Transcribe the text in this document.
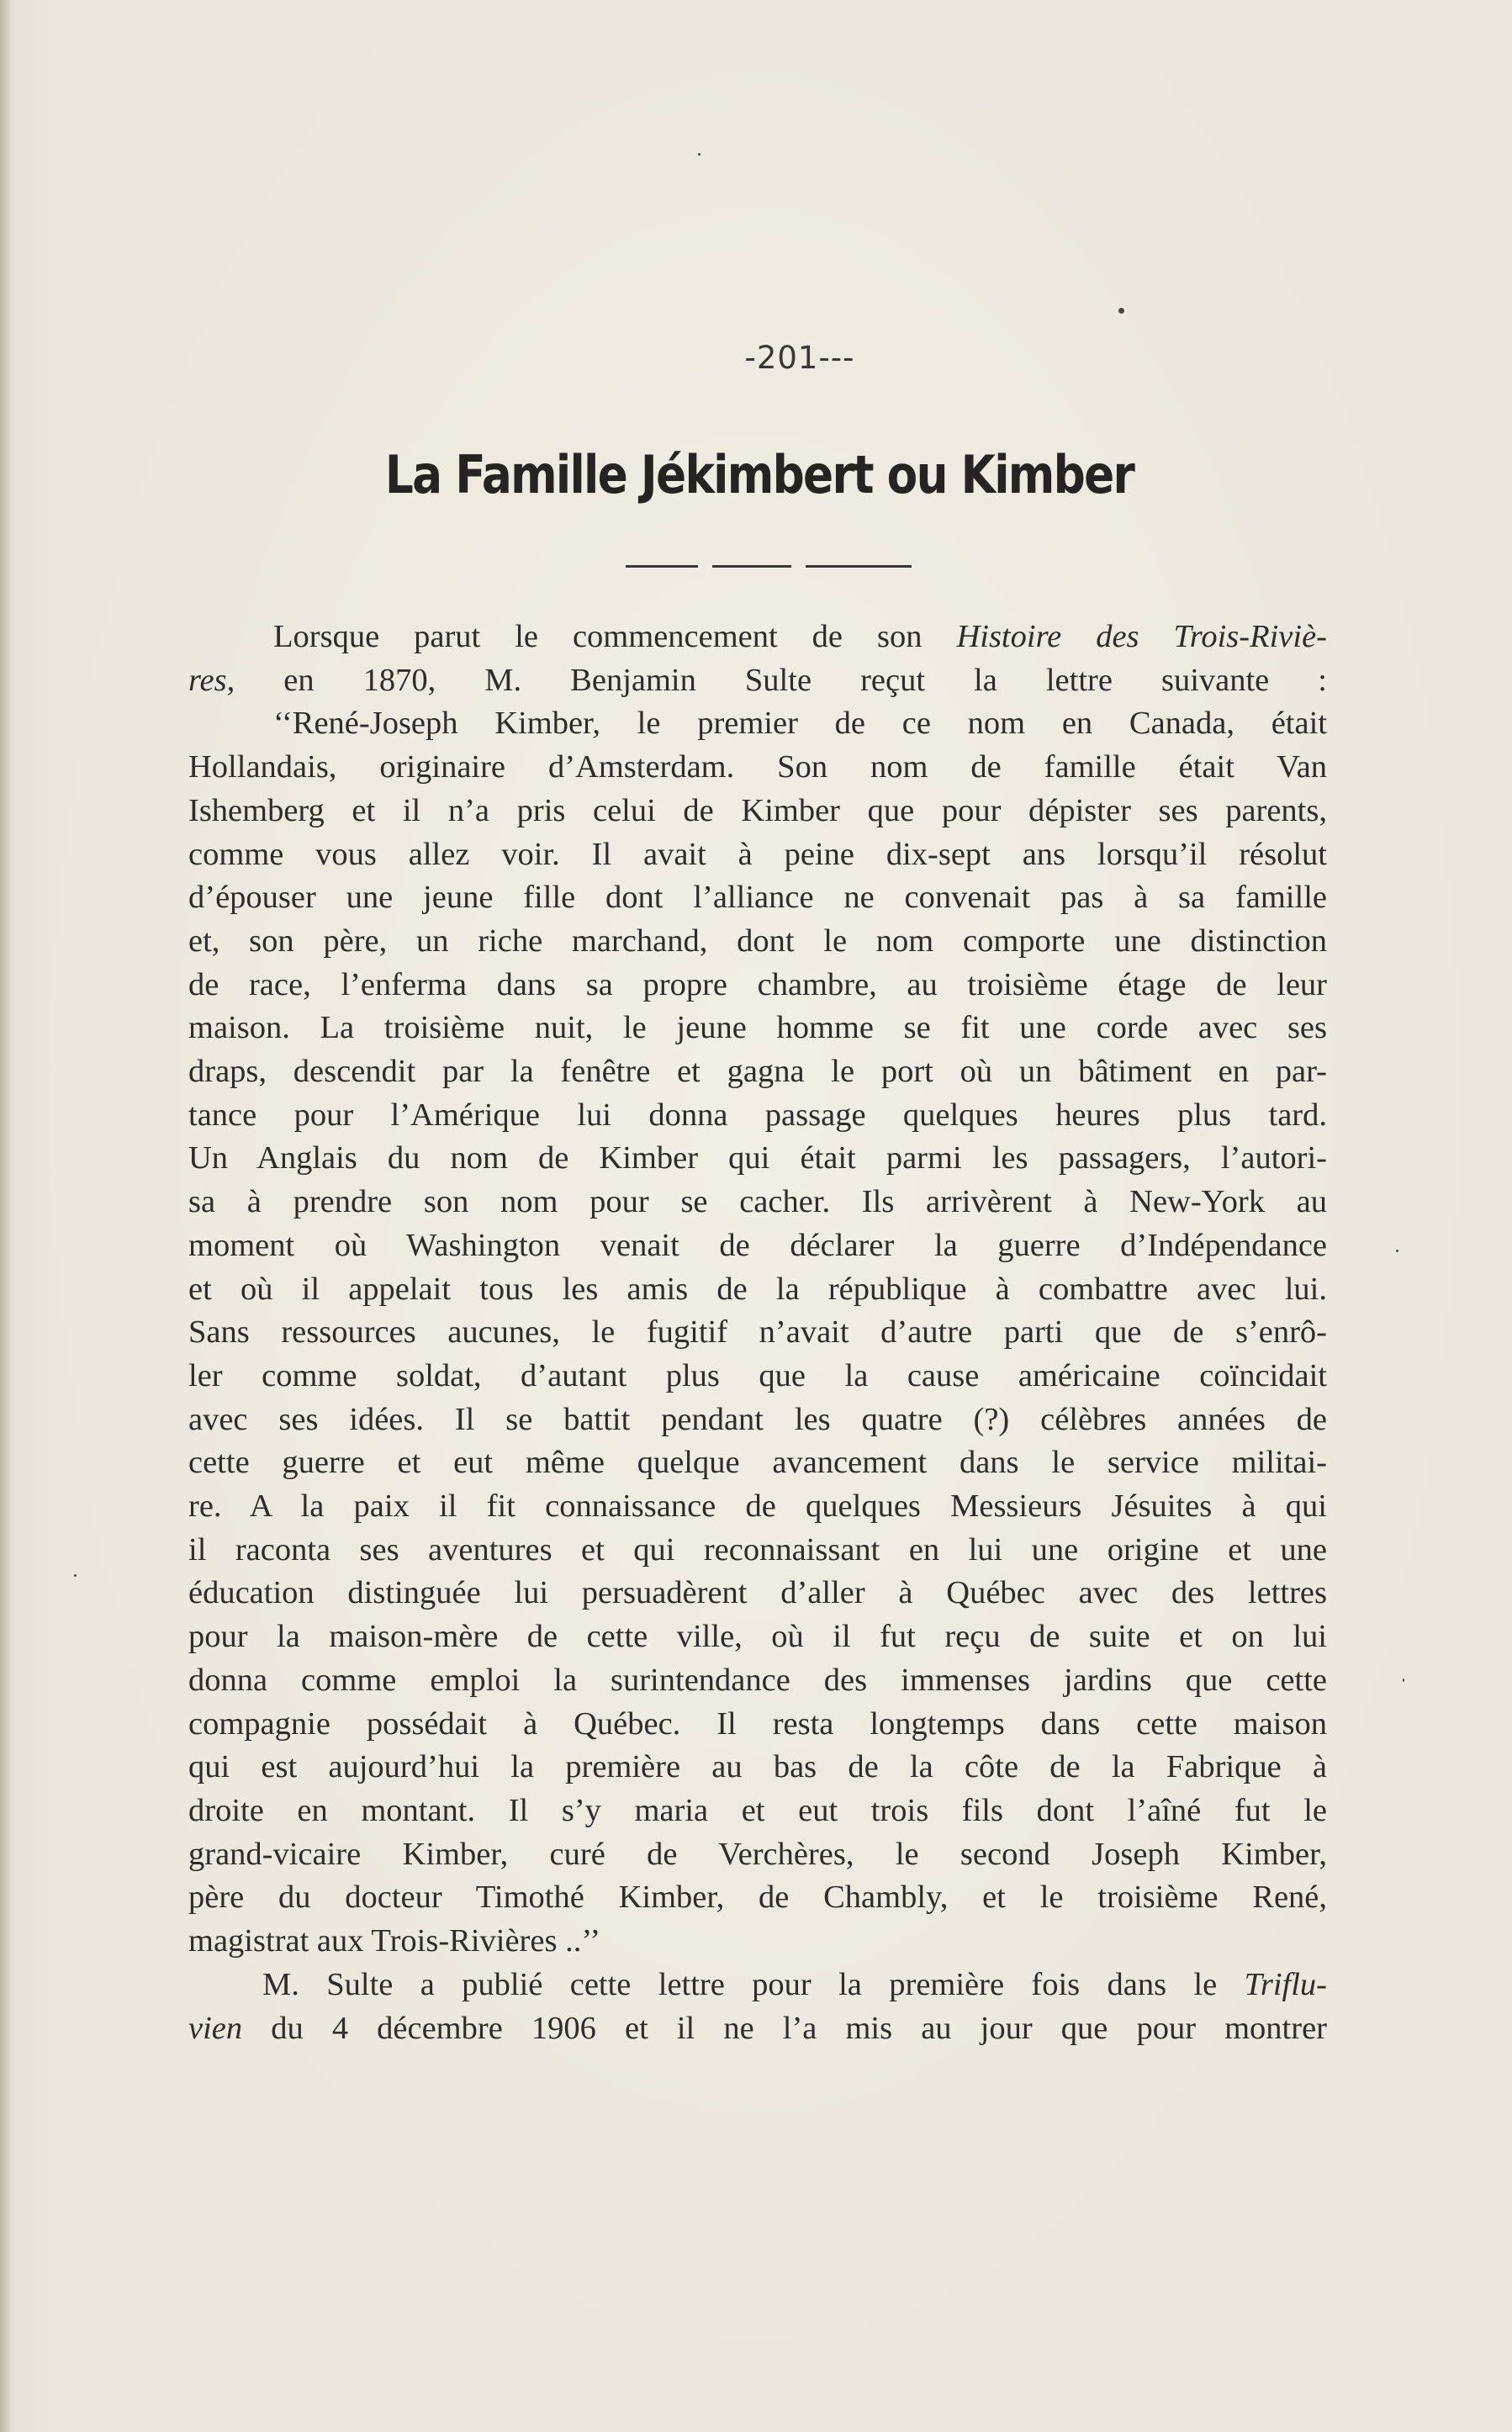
-201---
La Famille Jékimbert ou Kimber

Lorsque parut le commencement de son Histoire des Trois-Riviè-

res, en 1870, M. Benjamin Sulte reçut la lettre suivante :

‘‘René-Joseph Kimber, le premier de ce nom en Canada, était

Hollandais, originaire d’Amsterdam. Son nom de famille était Van

Ishemberg et il n’a pris celui de Kimber que pour dépister ses parents,

comme vous allez voir. Il avait à peine dix-sept ans lorsqu’il résolut

d’épouser une jeune fille dont l’alliance ne convenait pas à sa famille

et, son père, un riche marchand, dont le nom comporte une distinction

de race, l’enferma dans sa propre chambre, au troisième étage de leur

maison. La troisième nuit, le jeune homme se fit une corde avec ses

draps, descendit par la fenêtre et gagna le port où un bâtiment en par-

tance pour l’Amérique lui donna passage quelques heures plus tard.

Un Anglais du nom de Kimber qui était parmi les passagers, l’autori-

sa à prendre son nom pour se cacher. Ils arrivèrent à New-York au

moment où Washington venait de déclarer la guerre d’Indépendance

et où il appelait tous les amis de la république à combattre avec lui.

Sans ressources aucunes, le fugitif n’avait d’autre parti que de s’enrô-

ler comme soldat, d’autant plus que la cause américaine coïncidait

avec ses idées. Il se battit pendant les quatre (?) célèbres années de

cette guerre et eut même quelque avancement dans le service militai-

re. A la paix il fit connaissance de quelques Messieurs Jésuites à qui

il raconta ses aventures et qui reconnaissant en lui une origine et une

éducation distinguée lui persuadèrent d’aller à Québec avec des lettres

pour la maison-mère de cette ville, où il fut reçu de suite et on lui

donna comme emploi la surintendance des immenses jardins que cette

compagnie possédait à Québec. Il resta longtemps dans cette maison

qui est aujourd’hui la première au bas de la côte de la Fabrique à

droite en montant. Il s’y maria et eut trois fils dont l’aîné fut le

grand-vicaire Kimber, curé de Verchères, le second Joseph Kimber,

père du docteur Timothé Kimber, de Chambly, et le troisième René,

magistrat aux Trois-Rivières ..’’

M. Sulte a publié cette lettre pour la première fois dans le Triflu-

vien du 4 décembre 1906 et il ne l’a mis au jour que pour montrer
